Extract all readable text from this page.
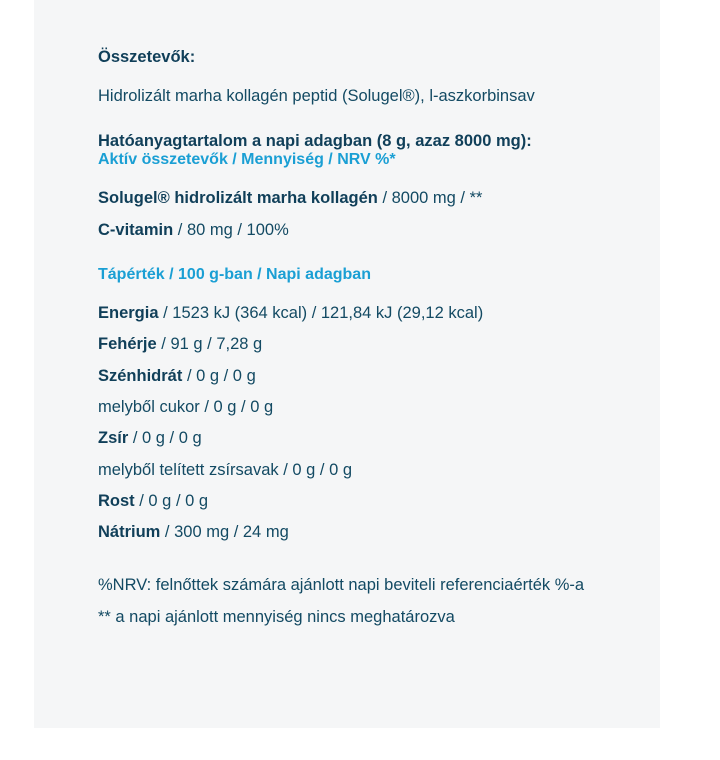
Összetevők:
Hidrolizált marha kollagén peptid (Solugel®), l-aszkorbinsav
Hatóanyagtartalom a napi adagban (8 g, azaz 8000 mg):
Aktív összetevők / Mennyiség / NRV %*
Solugel® hidrolizált marha kollagén / 8000 mg / **
C-vitamin / 80 mg / 100%
Tápérték / 100 g-ban / Napi adagban
Energia / 1523 kJ (364 kcal) / 121,84 kJ (29,12 kcal)
Fehérje / 91 g / 7,28 g
Szénhidrát / 0 g / 0 g
melyből cukor / 0 g / 0 g
Zsír / 0 g / 0 g
melyből telített zsírsavak / 0 g / 0 g
Rost / 0 g / 0 g
Nátrium / 300 mg / 24 mg
%NRV: felnőttek számára ajánlott napi beviteli referenciaérték %-a
** a napi ajánlott mennyiség nincs meghatározva
